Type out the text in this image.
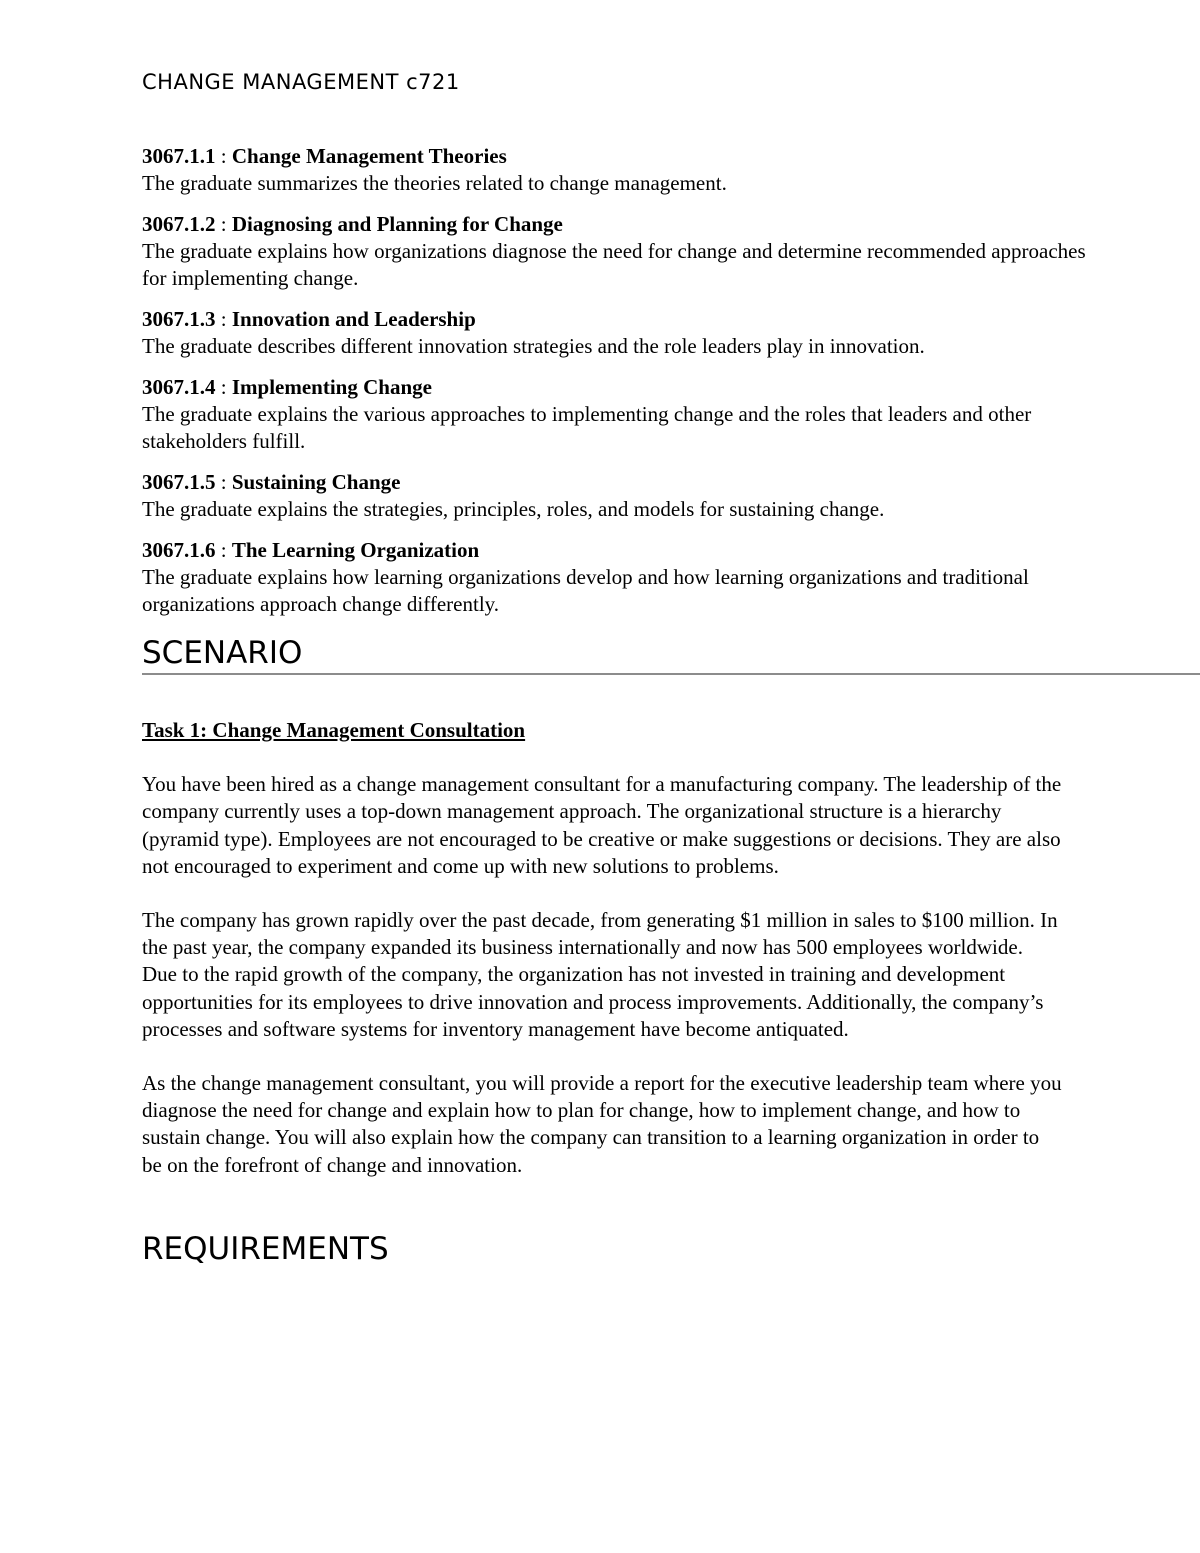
CHANGE MANAGEMENT c721
3067.1.1 : Change Management Theories
The graduate summarizes the theories related to change management.
3067.1.2 : Diagnosing and Planning for Change
The graduate explains how organizations diagnose the need for change and determine recommended approaches for implementing change.
3067.1.3 : Innovation and Leadership
The graduate describes different innovation strategies and the role leaders play in innovation.
3067.1.4 : Implementing Change
The graduate explains the various approaches to implementing change and the roles that leaders and other stakeholders fulfill.
3067.1.5 : Sustaining Change
The graduate explains the strategies, principles, roles, and models for sustaining change.
3067.1.6 : The Learning Organization
The graduate explains how learning organizations develop and how learning organizations and traditional organizations approach change differently.
SCENARIO

Task 1: Change Management Consultation

You have been hired as a change management consultant for a manufacturing company. The leadership of the company currently uses a top-down management approach. The organizational structure is a hierarchy (pyramid type). Employees are not encouraged to be creative or make suggestions or decisions. They are also not encouraged to experiment and come up with new solutions to problems.

The company has grown rapidly over the past decade, from generating $1 million in sales to $100 million. In the past year, the company expanded its business internationally and now has 500 employees worldwide. Due to the rapid growth of the company, the organization has not invested in training and development opportunities for its employees to drive innovation and process improvements. Additionally, the company’s processes and software systems for inventory management have become antiquated.

As the change management consultant, you will provide a report for the executive leadership team where you diagnose the need for change and explain how to plan for change, how to implement change, and how to sustain change. You will also explain how the company can transition to a learning organization in order to be on the forefront of change and innovation.

REQUIREMENTS
